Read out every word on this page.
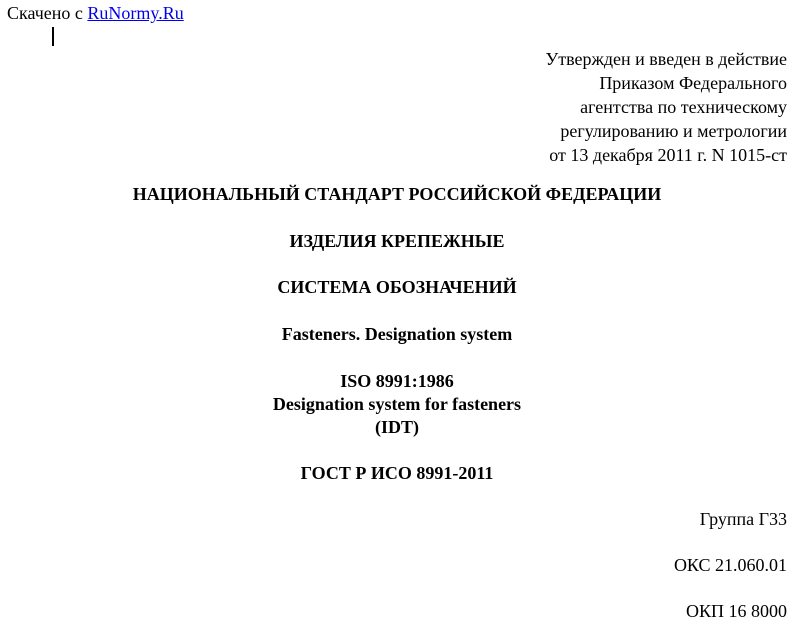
Скачено с RuNormy.Ru
Утвержден и введен в действие
Приказом Федерального
агентства по техническому
регулированию и метрологии
от 13 декабря 2011 г. N 1015-ст
НАЦИОНАЛЬНЫЙ СТАНДАРТ РОССИЙСКОЙ ФЕДЕРАЦИИ
ИЗДЕЛИЯ КРЕПЕЖНЫЕ
СИСТЕМА ОБОЗНАЧЕНИЙ
Fasteners. Designation system
ISO 8991:1986
Designation system for fasteners
(IDT)
ГОСТ Р ИСО 8991-2011
Группа Г33
ОКС 21.060.01
ОКП 16 8000
